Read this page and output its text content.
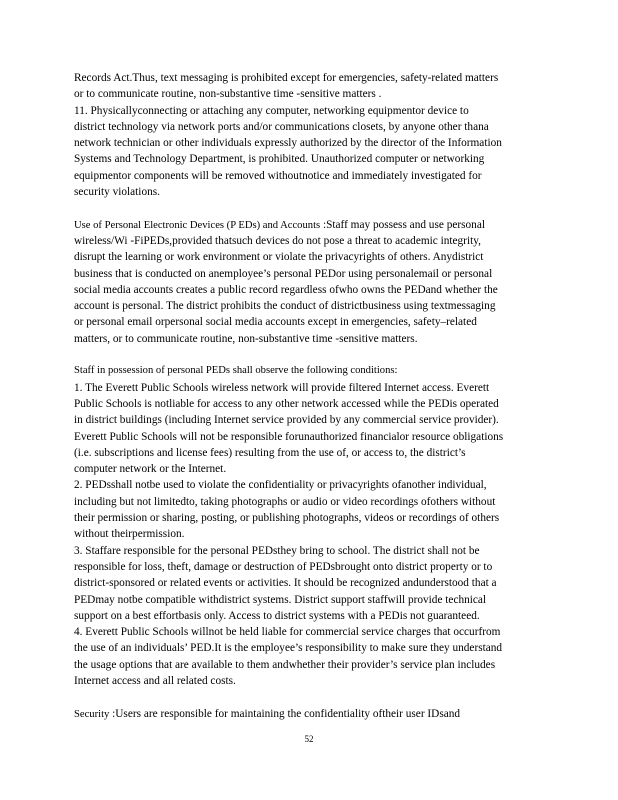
Records Act.Thus, text messaging is prohibited except for emergencies, safety-related matters
or to communicate routine, non-substantive time -sensitive matters .
11. Physicallyconnecting or attaching any computer, networking equipmentor device to
district technology via network ports and/or communications closets, by anyone other thana
network technician or other individuals expressly authorized by the director of the Information
Systems and Technology Department, is prohibited. Unauthorized computer or networking
equipmentor components will be removed withoutnotice and immediately investigated for
security violations.
Use of Personal Electronic Devices (P EDs) and Accounts :Staff may possess and use personal
wireless/Wi -FiPEDs,provided thatsuch devices do not pose a threat to academic integrity,
disrupt the learning or work environment or violate the privacyrights of others. Anydistrict
business that is conducted on anemployee’s personal PEDor using personalemail or personal
social media accounts creates a public record regardless ofwho owns the PEDand whether the
account is personal. The district prohibits the conduct of districtbusiness using textmessaging
or personal email orpersonal social media accounts except in emergencies, safety–related
matters, or to communicate routine, non-substantive time -sensitive matters.
Staff in possession of personal PEDs shall observe the following conditions:
1. The Everett Public Schools wireless network will provide filtered Internet access. Everett
Public Schools is notliable for access to any other network accessed while the PEDis operated
in district buildings (including Internet service provided by any commercial service provider).
Everett Public Schools will not be responsible forunauthorized financialor resource obligations
(i.e. subscriptions and license fees) resulting from the use of, or access to, the district’s
computer network or the Internet.
2. PEDsshall notbe used to violate the confidentiality or privacyrights ofanother individual,
including but not limitedto, taking photographs or audio or video recordings ofothers without
their permission or sharing, posting, or publishing photographs, videos or recordings of others
without theirpermission.
3. Staffare responsible for the personal PEDsthey bring to school. The district shall not be
responsible for loss, theft, damage or destruction of PEDsbrought onto district property or to
district-sponsored or related events or activities. It should be recognized andunderstood that a
PEDmay notbe compatible withdistrict systems. District support staffwill provide technical
support on a best effortbasis only. Access to district systems with a PEDis not guaranteed.
4. Everett Public Schools willnot be held liable for commercial service charges that occurfrom
the use of an individuals’ PED.It is the employee’s responsibility to make sure they understand
the usage options that are available to them andwhether their provider’s service plan includes
Internet access and all related costs.
Security :Users are responsible for maintaining the confidentiality oftheir user IDsand
52
